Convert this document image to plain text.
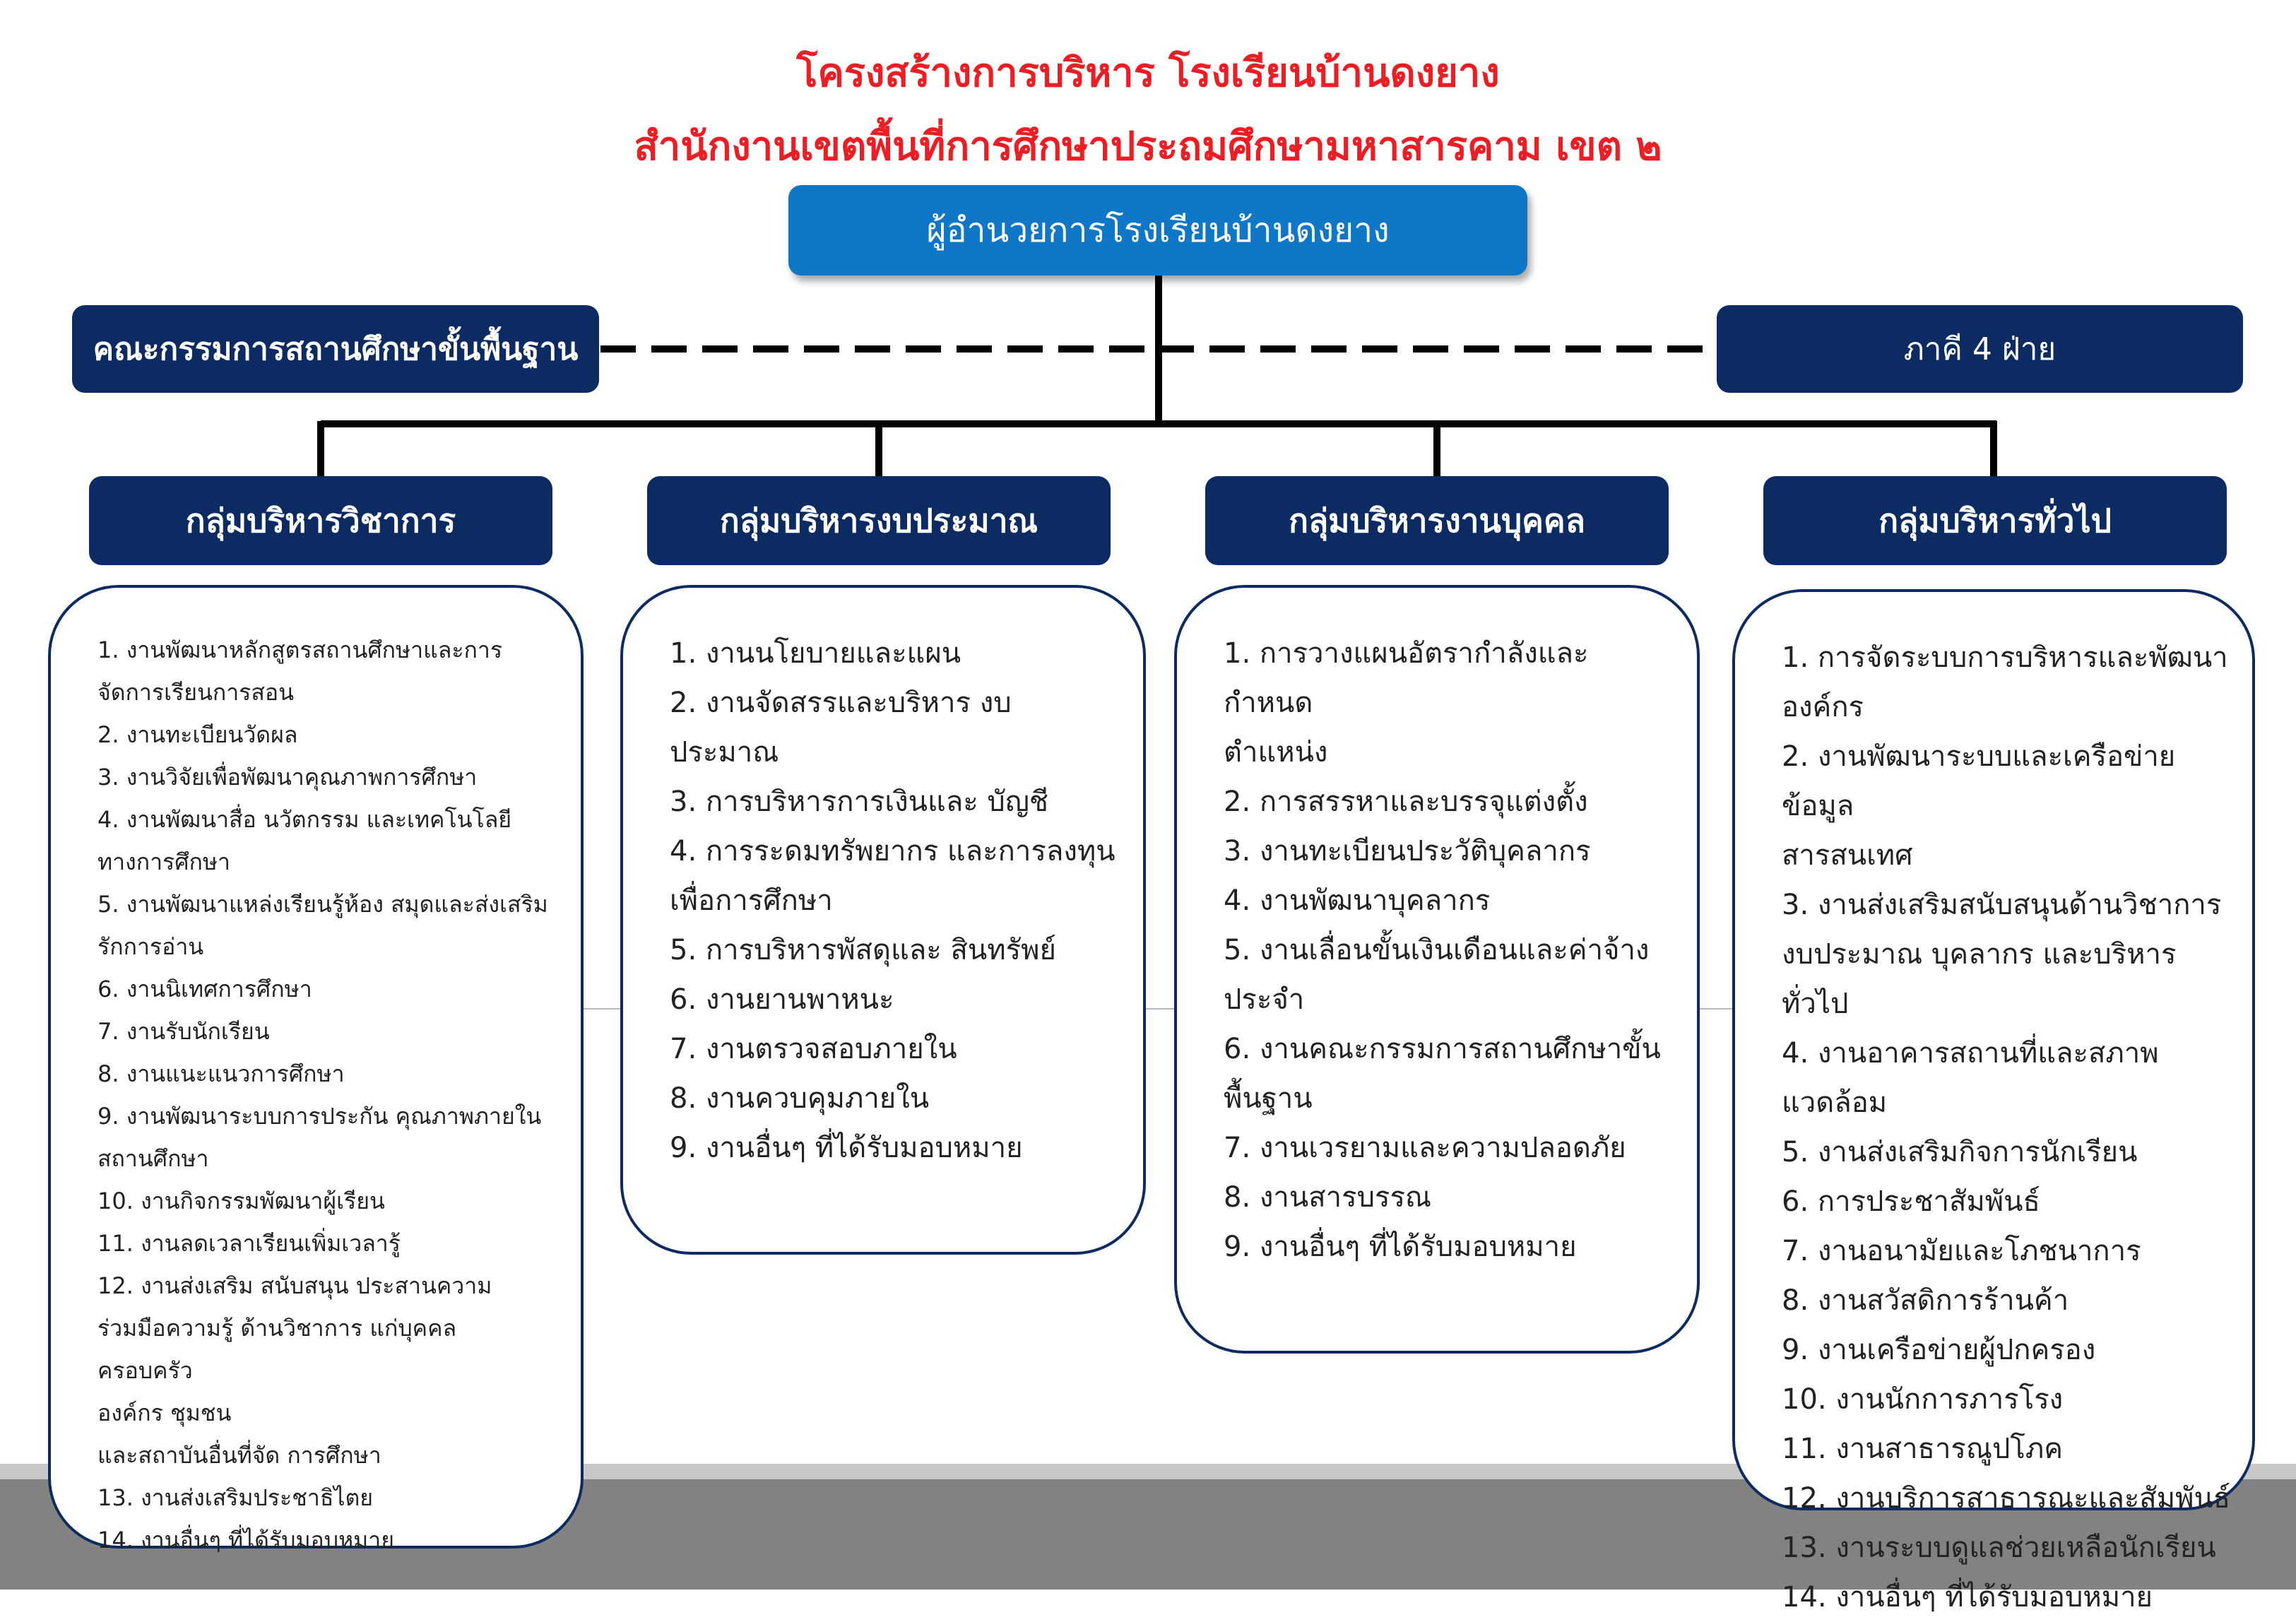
โครงสร้างการบริหาร โรงเรียนบ้านดงยาง
สำนักงานเขตพื้นที่การศึกษาประถมศึกษามหาสารคาม เขต ๒
ผู้อำนวยการโรงเรียนบ้านดงยาง
คณะกรรมการสถานศึกษาขั้นพื้นฐาน	ภาคี 4 ฝ่าย
กลุ่มบริหารวิชาการ	กลุ่มบริหารงบประมาณ	กลุ่มบริหารงานบุคคล	กลุ่มบริหารทั่วไป
1. งานพัฒนาหลักสูตรสถานศึกษาและการ
จัดการเรียนการสอน
2. งานทะเบียนวัดผล
3. งานวิจัยเพื่อพัฒนาคุณภาพการศึกษา
4. งานพัฒนาสื่อ นวัตกรรม และเทคโนโลยี
ทางการศึกษา
5. งานพัฒนาแหล่งเรียนรู้ห้อง สมุดและส่งเสริม
รักการอ่าน
6. งานนิเทศการศึกษา
7. งานรับนักเรียน
8. งานแนะแนวการศึกษา
9. งานพัฒนาระบบการประกัน คุณภาพภายใน
สถานศึกษา
10. งานกิจกรรมพัฒนาผู้เรียน
11. งานลดเวลาเรียนเพิ่มเวลารู้
12. งานส่งเสริม สนับสนุน ประสานความ
ร่วมมือความรู้ ด้านวิชาการ แก่บุคคล ครอบครัว
องค์กร ชุมชน
และสถาบันอื่นที่จัด การศึกษา
13. งานส่งเสริมประชาธิไตย
14. งานอื่นๆ ที่ได้รับมอบหมาย
1. งานนโยบายและแผน
2. งานจัดสรรและบริหาร งบประมาณ
3. การบริหารการเงินและ บัญชี
4. การระดมทรัพยากร และการลงทุน
เพื่อการศึกษา
5. การบริหารพัสดุและ สินทรัพย์
6. งานยานพาหนะ
7. งานตรวจสอบภายใน
8. งานควบคุมภายใน
9. งานอื่นๆ ที่ได้รับมอบหมาย
1. การวางแผนอัตรากำลังและกำหนด
ตำแหน่ง
2. การสรรหาและบรรจุแต่งตั้ง
3. งานทะเบียนประวัติบุคลากร
4. งานพัฒนาบุคลากร
5. งานเลื่อนขั้นเงินเดือนและค่าจ้าง
ประจำ
6. งานคณะกรรมการสถานศึกษาขั้น
พื้นฐาน
7. งานเวรยามและความปลอดภัย
8. งานสารบรรณ
9. งานอื่นๆ ที่ได้รับมอบหมาย
1. การจัดระบบการบริหารและพัฒนา
องค์กร
2. งานพัฒนาระบบและเครือข่ายข้อมูล
สารสนเทศ
3. งานส่งเสริมสนับสนุนด้านวิชาการ
งบประมาณ บุคลากร และบริหารทั่วไป
4. งานอาคารสถานที่และสภาพแวดล้อม
5. งานส่งเสริมกิจการนักเรียน
6. การประชาสัมพันธ์
7. งานอนามัยและโภชนาการ
8. งานสวัสดิการร้านค้า
9. งานเครือข่ายผู้ปกครอง
10. งานนักการภารโรง
11. งานสาธารณูปโภค
12. งานบริการสาธารณะและสัมพันธ์
13. งานระบบดูแลช่วยเหลือนักเรียน
14. งานอื่นๆ ที่ได้รับมอบหมาย
